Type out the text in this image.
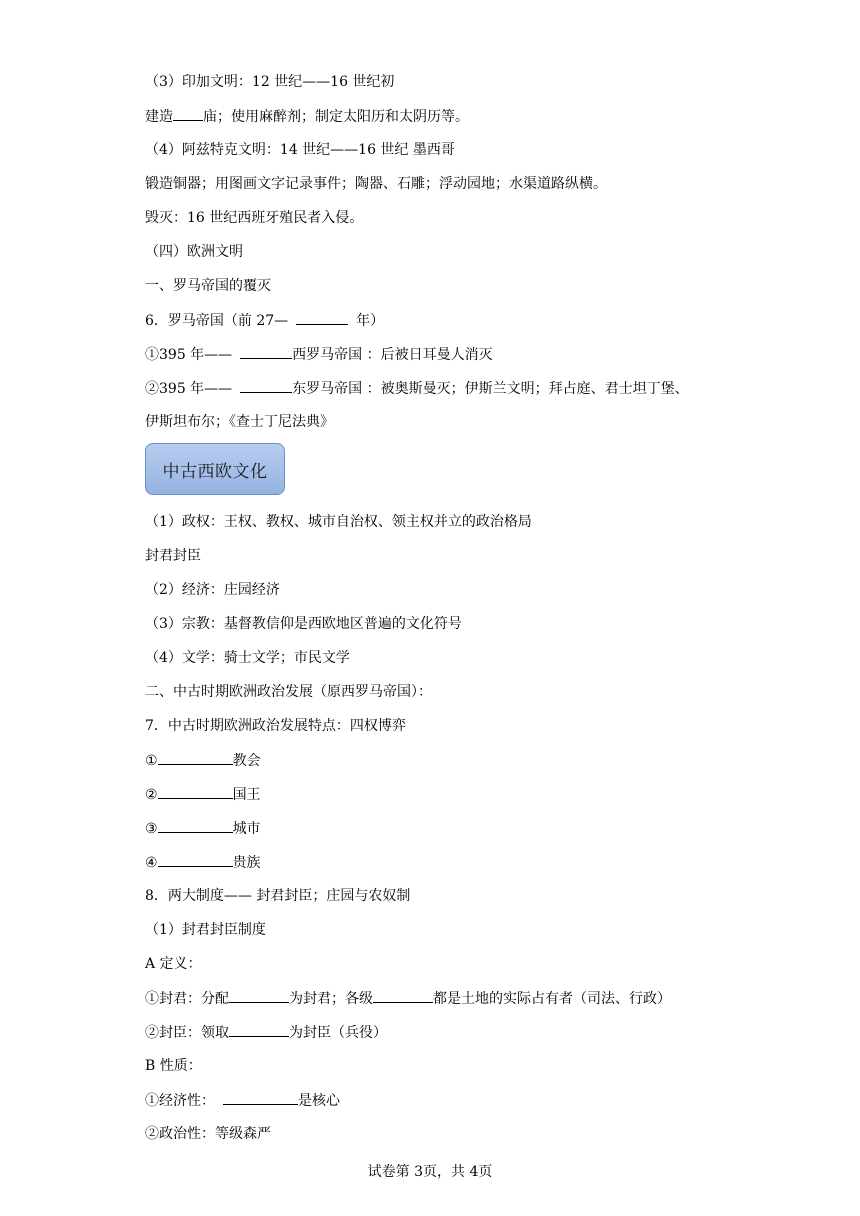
（3）印加文明：12 世纪——16 世纪初
建造 庙；使用麻醉剂；制定太阳历和太阴历等。
（4）阿兹特克文明：14 世纪——16 世纪 墨西哥
锻造铜器；用图画文字记录事件；陶器、石雕；浮动园地；水渠道路纵横。
毁灭：16 世纪西班牙殖民者入侵。
（四）欧洲文明
一、罗马帝国的覆灭
6．罗马帝国（前 27—	年）
①395 年——	西罗马帝国 ：后被日耳曼人消灭
②395 年——	东罗马帝国 ：被奥斯曼灭；伊斯兰文明；拜占庭、君士坦丁堡、
伊斯坦布尔；《查士丁尼法典》
中古西欧文化
（1）政权：王权、教权、城市自治权、领主权并立的政治格局
封君封臣
（2）经济：庄园经济
（3）宗教：基督教信仰是西欧地区普遍的文化符号
（4）文学：骑士文学；市民文学
二、中古时期欧洲政治发展（原西罗马帝国）：
7．中古时期欧洲政治发展特点：四权博弈
①	教会
②	国王
③	城市
④	贵族
8．两大制度—— 封君封臣；庄园与农奴制
（1）封君封臣制度
A 定义：
①封君：分配	为封君；各级	都是土地的实际占有者（司法、行政）
②封臣：领取	为封臣（兵役）
B 性质：
①经济性：	是核心
②政治性：等级森严
试卷第 3页，共 4页
